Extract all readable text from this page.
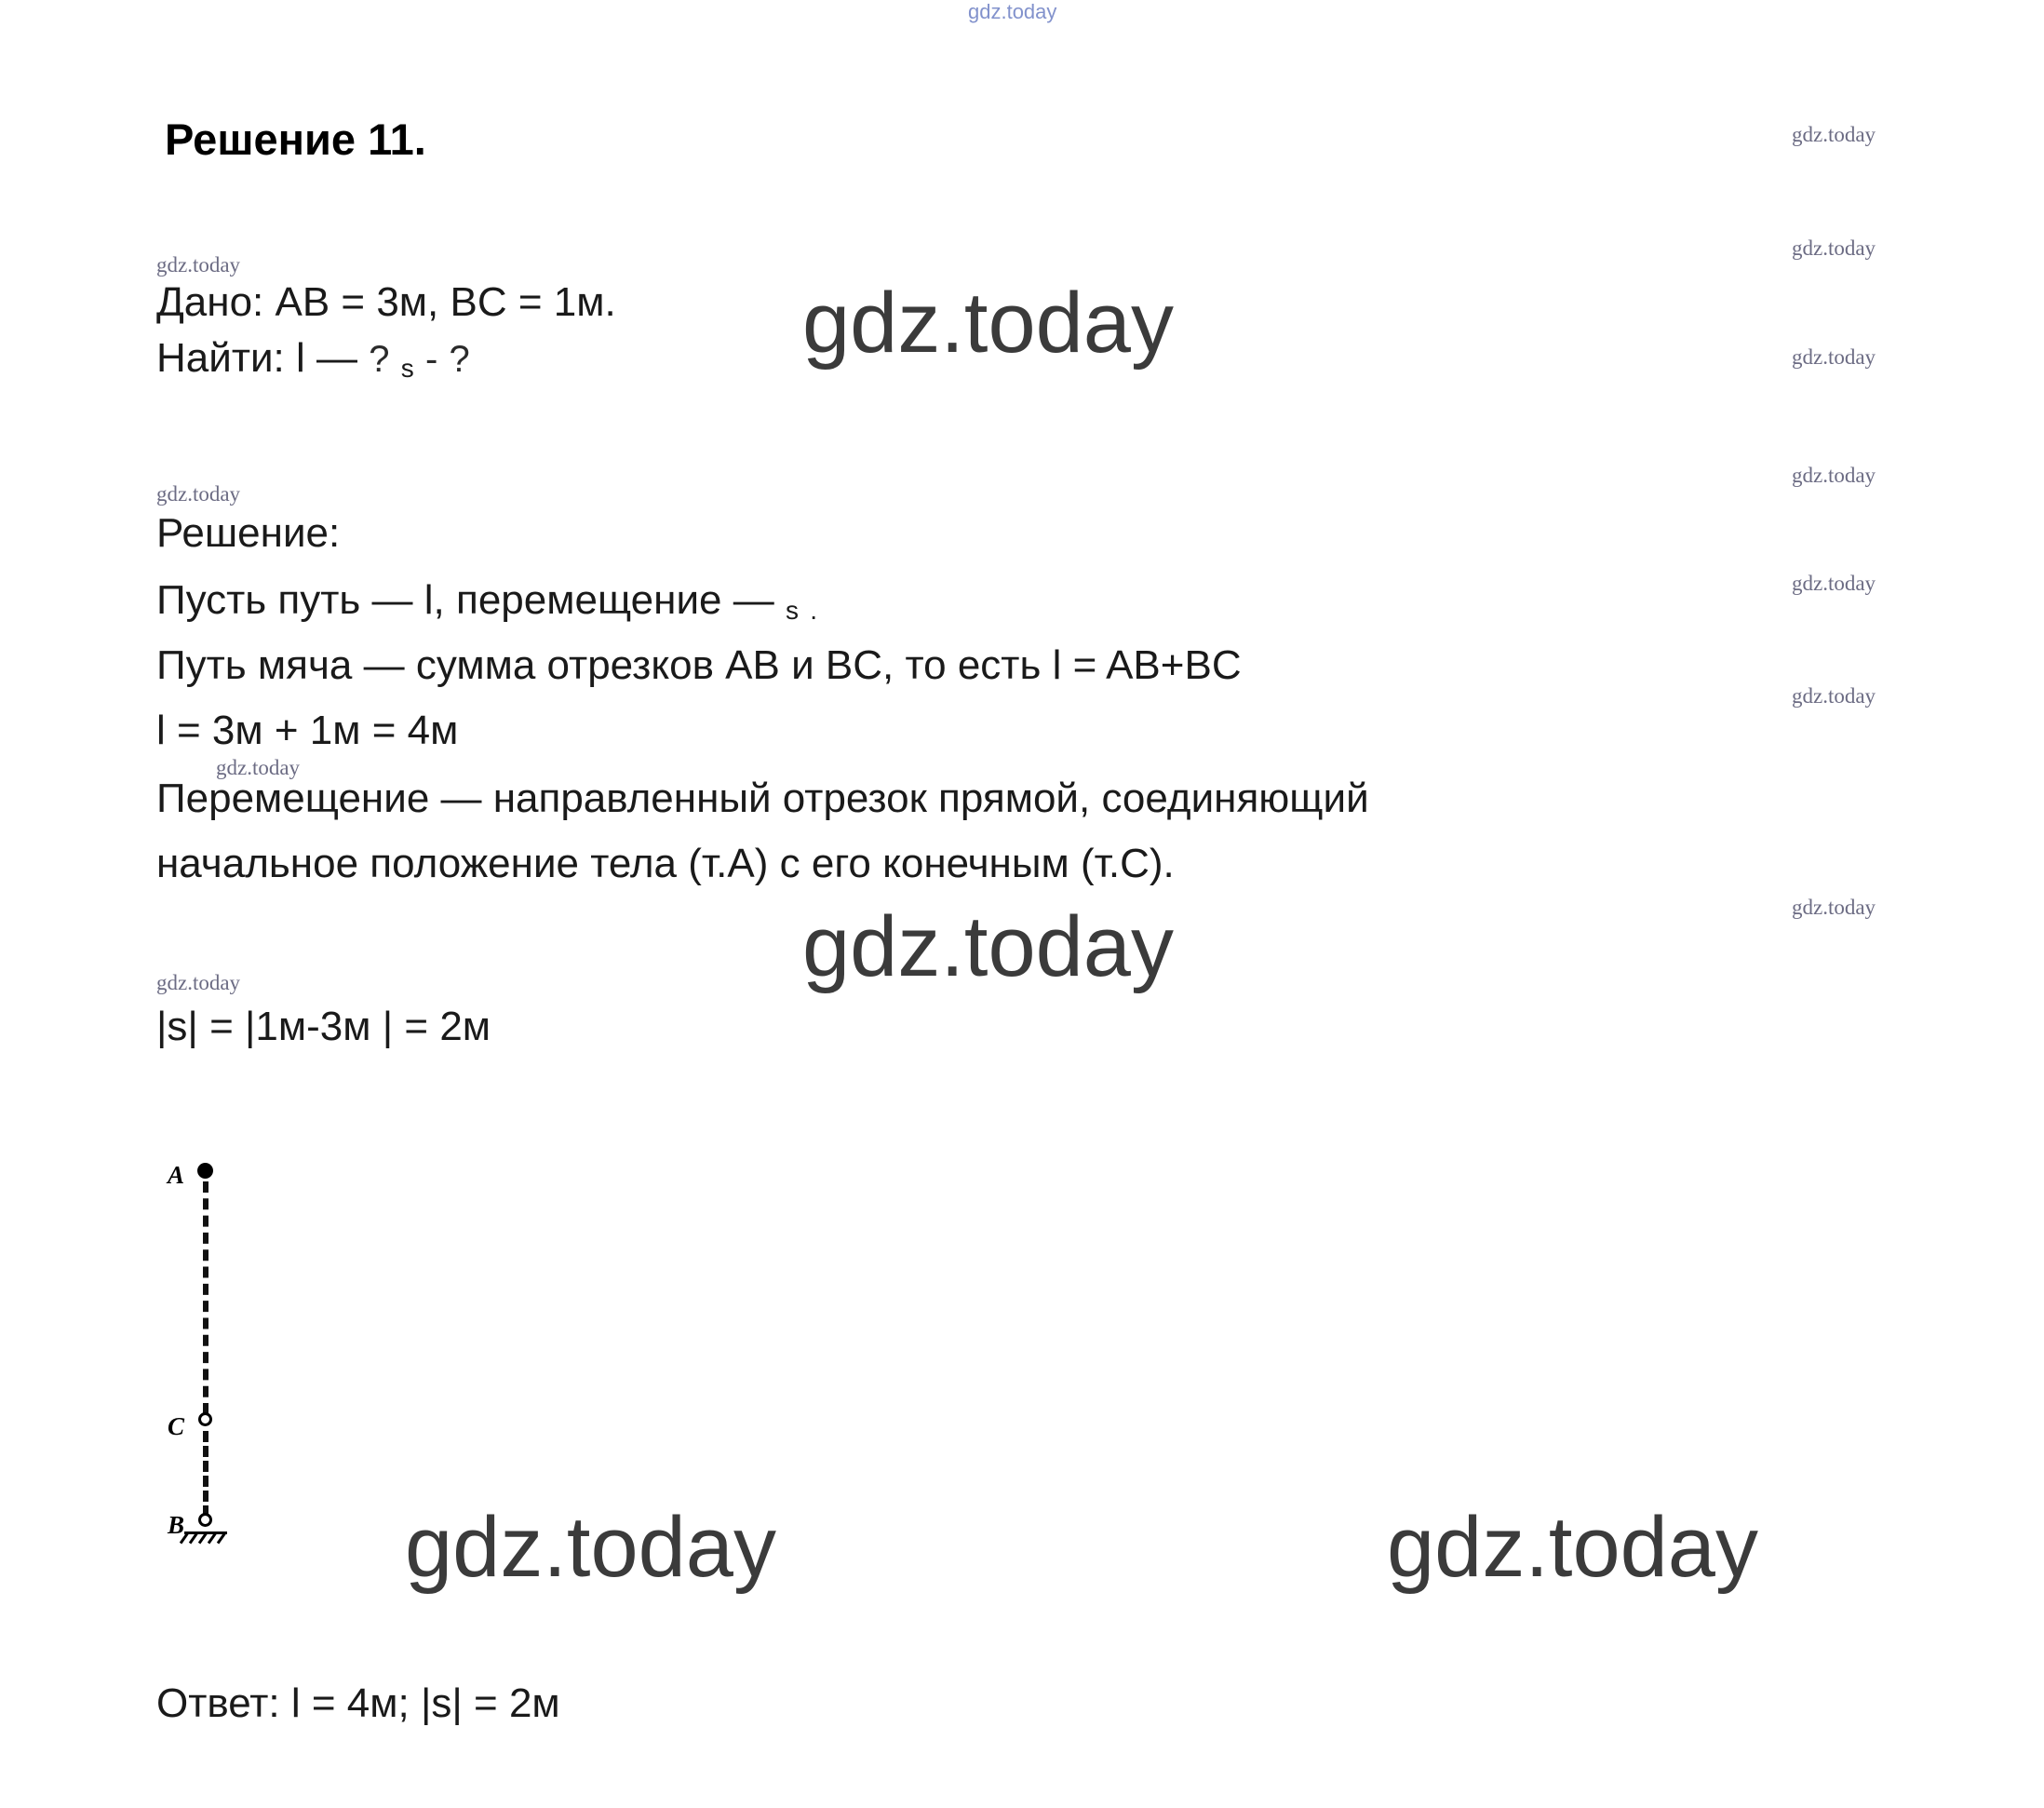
gdz.today
gdz.today
gdz.today
gdz.today
gdz.today
gdz.today
gdz.today
gdz.today
gdz.today
gdz.today
gdz.today
gdz.today
Решение 11.
Дано: AB = 3м, BC = 1м.
Найти: l — ? s - ?
Решение:
Пусть путь — l, перемещение — s .
Путь мяча — сумма отрезков AB и BC, то есть l = AB+BC
l = 3м + 1м = 4м
Перемещение — направленный отрезок прямой, соединяющий
начальное положение тела (т.A) с его конечным (т.C).
|s| = |1м-3м | = 2м
gdz.today
gdz.today
gdz.today	gdz.today
A
C
B
Ответ: l = 4м; |s| = 2м
